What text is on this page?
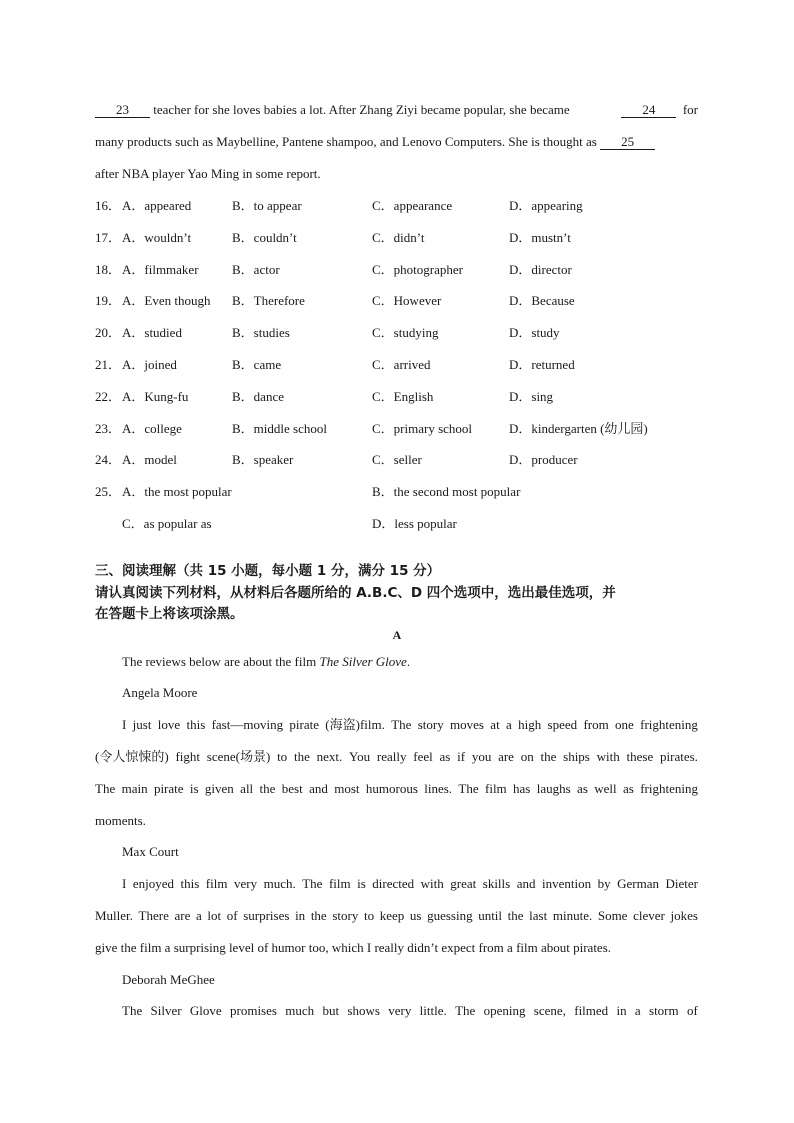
23 teacher for she loves babies a lot. After Zhang Ziyi became popular, she became	24 for
many products such as Maybelline, Pantene shampoo, and Lenovo Computers. She is thought as 25
after NBA player Yao Ming in some report.
16． A．appeared	B．to appear	C．appearance	D．appearing
17． A．wouldn’t	B．couldn’t	C．didn’t	D．mustn’t
18． A．filmmaker	B．actor	C．photographer	D．director
19． A．Even though B．Therefore	C．However	D．Because
20． A．studied	B．studies	C．studying	D．study
21． A．joined	B．came	C．arrived	D．returned
22． A．Kung-fu	B．dance	C．English	D．sing
23． A．college	B．middle school	C．primary school	D．kindergarten (幼儿园)
24． A．model	B．speaker	C．seller	D．producer
25． A．the most popular	B．the second most popular
C．as popular as	D．less popular
三、阅读理解（共 15 小题，每小题 1 分，满分 15 分）
请认真阅读下列材料，从材料后各题所给的 A.B.C、D 四个选项中，选出最佳选项，并
在答题卡上将该项涂黑。
A
The reviews below are about the film The Silver Glove.
Angela Moore
I just love this fast—moving pirate (海盗)film. The story moves at a high speed from one frightening
(令人惊悚的) fight scene(场景) to the next. You really feel as if you are on the ships with these pirates.
The main pirate is given all the best and most humorous lines. The film has laughs as well as frightening
moments.
Max Court
I enjoyed this film very much. The film is directed with great skills and invention by German Dieter
Muller. There are a lot of surprises in the story to keep us guessing until the last minute. Some clever jokes
give the film a surprising level of humor too, which I really didn’t expect from a film about pirates.
Deborah MeGhee
The Silver Glove promises much but shows very little. The opening scene, filmed in a storm of
